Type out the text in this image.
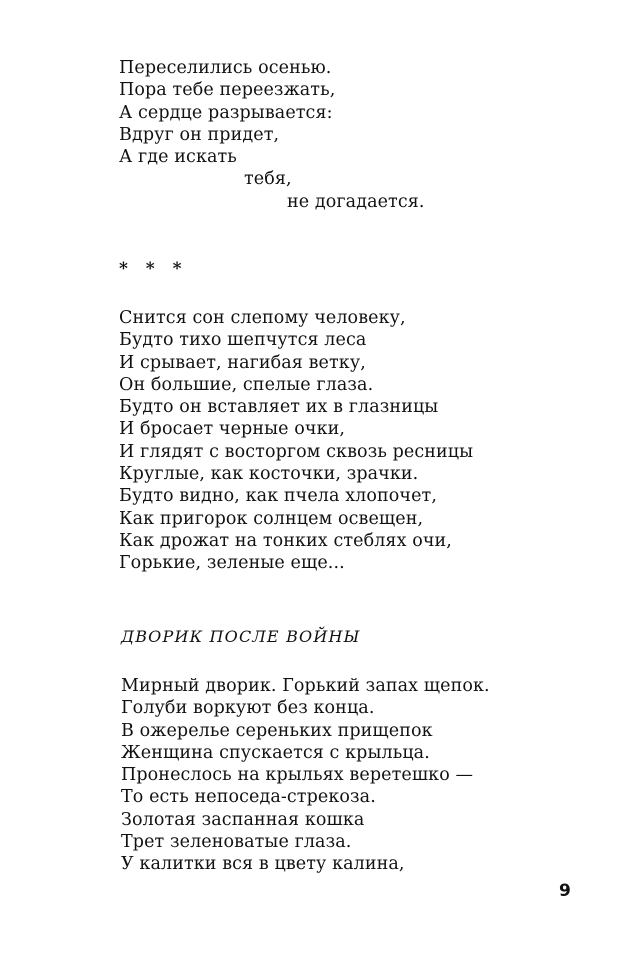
Переселились осенью.
Пора тебе переезжать,
А сердце разрывается:
Вдруг он придет,
А где искать
тебя,
не догадается.
* * *
Снится сон слепому человеку,
Будто тихо шепчутся леса
И срывает, нагибая ветку,
Он большие, спелые глаза.
Будто он вставляет их в глазницы
И бросает черные очки,
И глядят с восторгом сквозь ресницы
Круглые, как косточки, зрачки.
Будто видно, как пчела хлопочет,
Как пригорок солнцем освещен,
Как дрожат на тонких стеблях очи,
Горькие, зеленые еще...
ДВОРИК ПОСЛЕ ВОЙНЫ
Мирный дворик. Горький запах щепок.
Голуби воркуют без конца.
В ожерелье сереньких прищепок
Женщина спускается с крыльца.
Пронеслось на крыльях веретешко —
То есть непоседа-стрекоза.
Золотая заспанная кошка
Трет зеленоватые глаза.
У калитки вся в цвету калина,
9
